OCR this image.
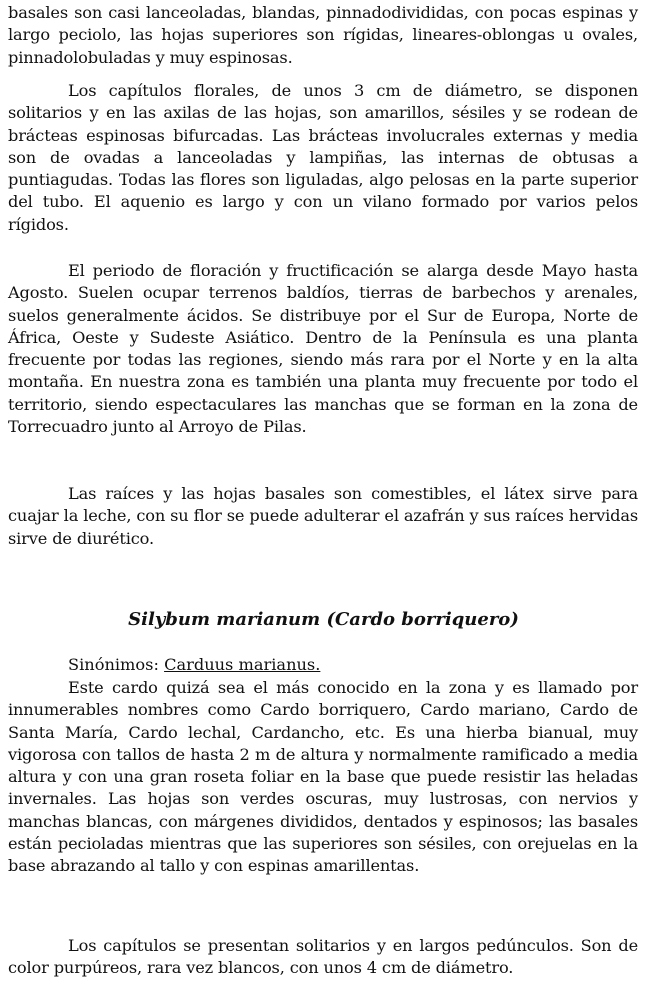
basales son casi lanceoladas, blandas, pinnadodivididas, con pocas espinas y largo peciolo, las hojas superiores son rígidas, lineares-oblongas u ovales, pinnadolobuladas y muy espinosas.

Los capítulos florales, de unos 3 cm de diámetro, se disponen solitarios y en las axilas de las hojas, son amarillos, sésiles y se rodean de brácteas espinosas bifurcadas. Las brácteas involucrales externas y media son de ovadas a lanceoladas y lampiñas, las internas de obtusas a puntiagudas. Todas las flores son liguladas, algo pelosas en la parte superior del tubo. El aquenio es largo y con un vilano formado por varios pelos rígidos.

El periodo de floración y fructificación se alarga desde Mayo hasta Agosto. Suelen ocupar terrenos baldíos, tierras de barbechos y arenales, suelos generalmente ácidos. Se distribuye por el Sur de Europa, Norte de África, Oeste y Sudeste Asiático. Dentro de la Península es una planta frecuente por todas las regiones, siendo más rara por el Norte y en la alta montaña. En nuestra zona es también una planta muy frecuente por todo el territorio, siendo espectaculares las manchas que se forman en la zona de Torrecuadro junto al Arroyo de Pilas.

Las raíces y las hojas basales son comestibles, el látex sirve para cuajar la leche, con su flor se puede adulterar el azafrán y sus raíces hervidas sirve de diurético.

Silybum marianum (Cardo borriquero)

Sinónimos: Carduus marianus.

Este cardo quizá sea el más conocido en la zona y es llamado por innumerables nombres como Cardo borriquero, Cardo mariano, Cardo de Santa María, Cardo lechal, Cardancho, etc. Es una hierba bianual, muy vigorosa con tallos de hasta 2 m de altura y normalmente ramificado a media altura y con una gran roseta foliar en la base que puede resistir las heladas invernales. Las hojas son verdes oscuras, muy lustrosas, con nervios y manchas blancas, con márgenes divididos, dentados y espinosos; las basales están pecioladas mientras que las superiores son sésiles, con orejuelas en la base abrazando al tallo y con espinas amarillentas.

Los capítulos se presentan solitarios y en largos pedúnculos. Son de color purpúreos, rara vez blancos, con unos 4 cm de diámetro.
